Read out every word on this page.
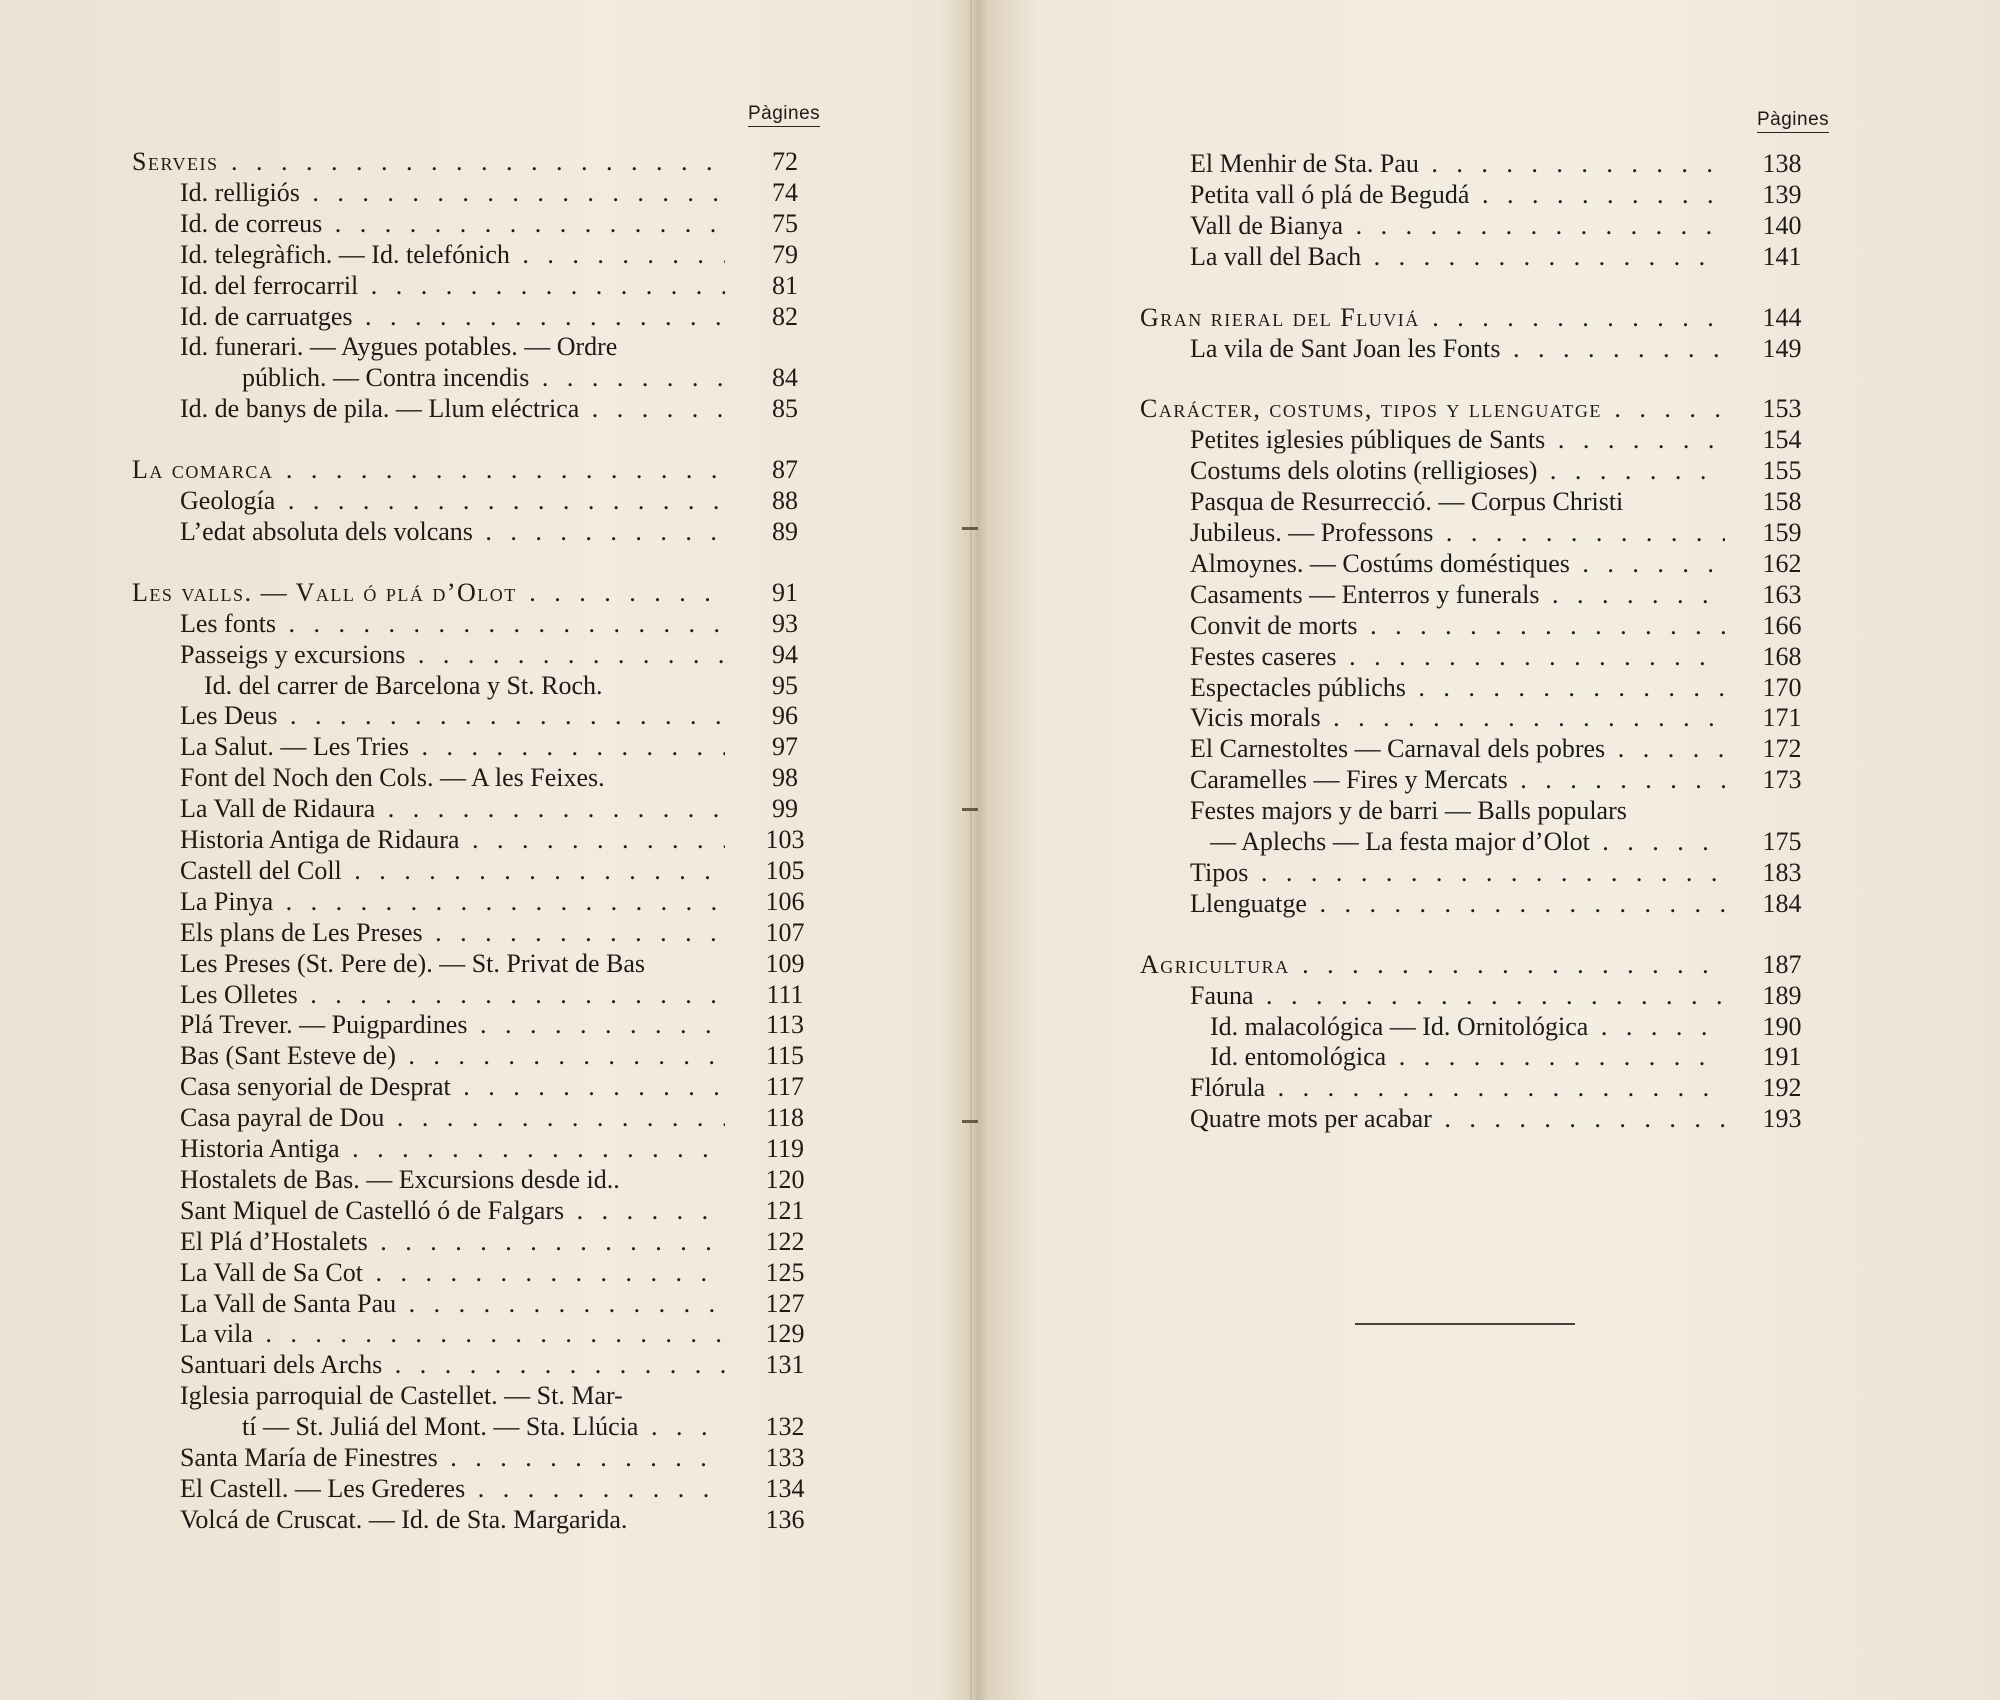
Pàgines
Serveis . . .	72
Id. relligiós . . .	74
Id. de correus . . .	75
Id. telegràfich. — Id. telefónich . . .	79
Id. del ferrocarril . . .	81
Id. de carruatges . . .	82
Id. funerari. — Aygues potables. — Ordre
públich. — Contra incendis . . .	84
Id. de banys de pila. — Llum eléctrica . . .	85
La comarca . . .	87
Geología . . .	88
L’edat absoluta dels volcans . . .	89
Les valls. — Vall ó plá d’Olot . . .	91
Les fonts . . .	93
Passeigs y excursions . . .	94
Id. del carrer de Barcelona y St. Roch.	95
Les Deus . . .	96
La Salut. — Les Tries . . .	97
Font del Noch den Cols. — A les Feixes.	98
La Vall de Ridaura . . .	99
Historia Antiga de Ridaura . . .	103
Castell del Coll . . .	105
La Pinya . . .	106
Els plans de Les Preses . . .	107
Les Preses (St. Pere de). — St. Privat de Bas	109
Les Olletes . . .	111
Plá Trever. — Puigpardines . . .	113
Bas (Sant Esteve de) . . .	115
Casa senyorial de Desprat . . .	117
Casa payral de Dou . . .	118
Historia Antiga . . .	119
Hostalets de Bas. — Excursions desde id..	120
Sant Miquel de Castelló ó de Falgars . . .	121
El Plá d’Hostalets . . .	122
La Vall de Sa Cot . . .	125
La Vall de Santa Pau . . .	127
La vila . . .	129
Santuari dels Archs . . .	131
Iglesia parroquial de Castellet. — St. Mar-
tí — St. Juliá del Mont. — Sta. Llúcia . . .	132
Santa María de Finestres . . .	133
El Castell. — Les Grederes . . .	134
Volcá de Cruscat. — Id. de Sta. Margarida.	136
Pàgines
El Menhir de Sta. Pau . . .	138
Petita vall ó plá de Begudá . . .	139
Vall de Bianya . . .	140
La vall del Bach . . .	141
Gran rieral del Fluviá . . .	144
La vila de Sant Joan les Fonts . . .	149
Carácter, costums, tipos y llenguatge . . .	153
Petites iglesies públiques de Sants . . .	154
Costums dels olotins (relligioses) . . .	155
Pasqua de Resurrecció. — Corpus Christi	158
Jubileus. — Professons . . .	159
Almoynes. — Costúms doméstiques . . .	162
Casaments — Enterros y funerals . . .	163
Convit de morts . . .	166
Festes caseres . . .	168
Espectacles públichs . . .	170
Vicis morals . . .	171
El Carnestoltes — Carnaval dels pobres . . .	172
Caramelles — Fires y Mercats . . .	173
Festes majors y de barri — Balls populars
— Aplechs — La festa major d’Olot . . .	175
Tipos . . .	183
Llenguatge . . .	184
Agricultura . . .	187
Fauna . . .	189
Id. malacológica — Id. Ornitológica . . .	190
Id. entomológica . . .	191
Flórula . . .	192
Quatre mots per acabar . . .	193
